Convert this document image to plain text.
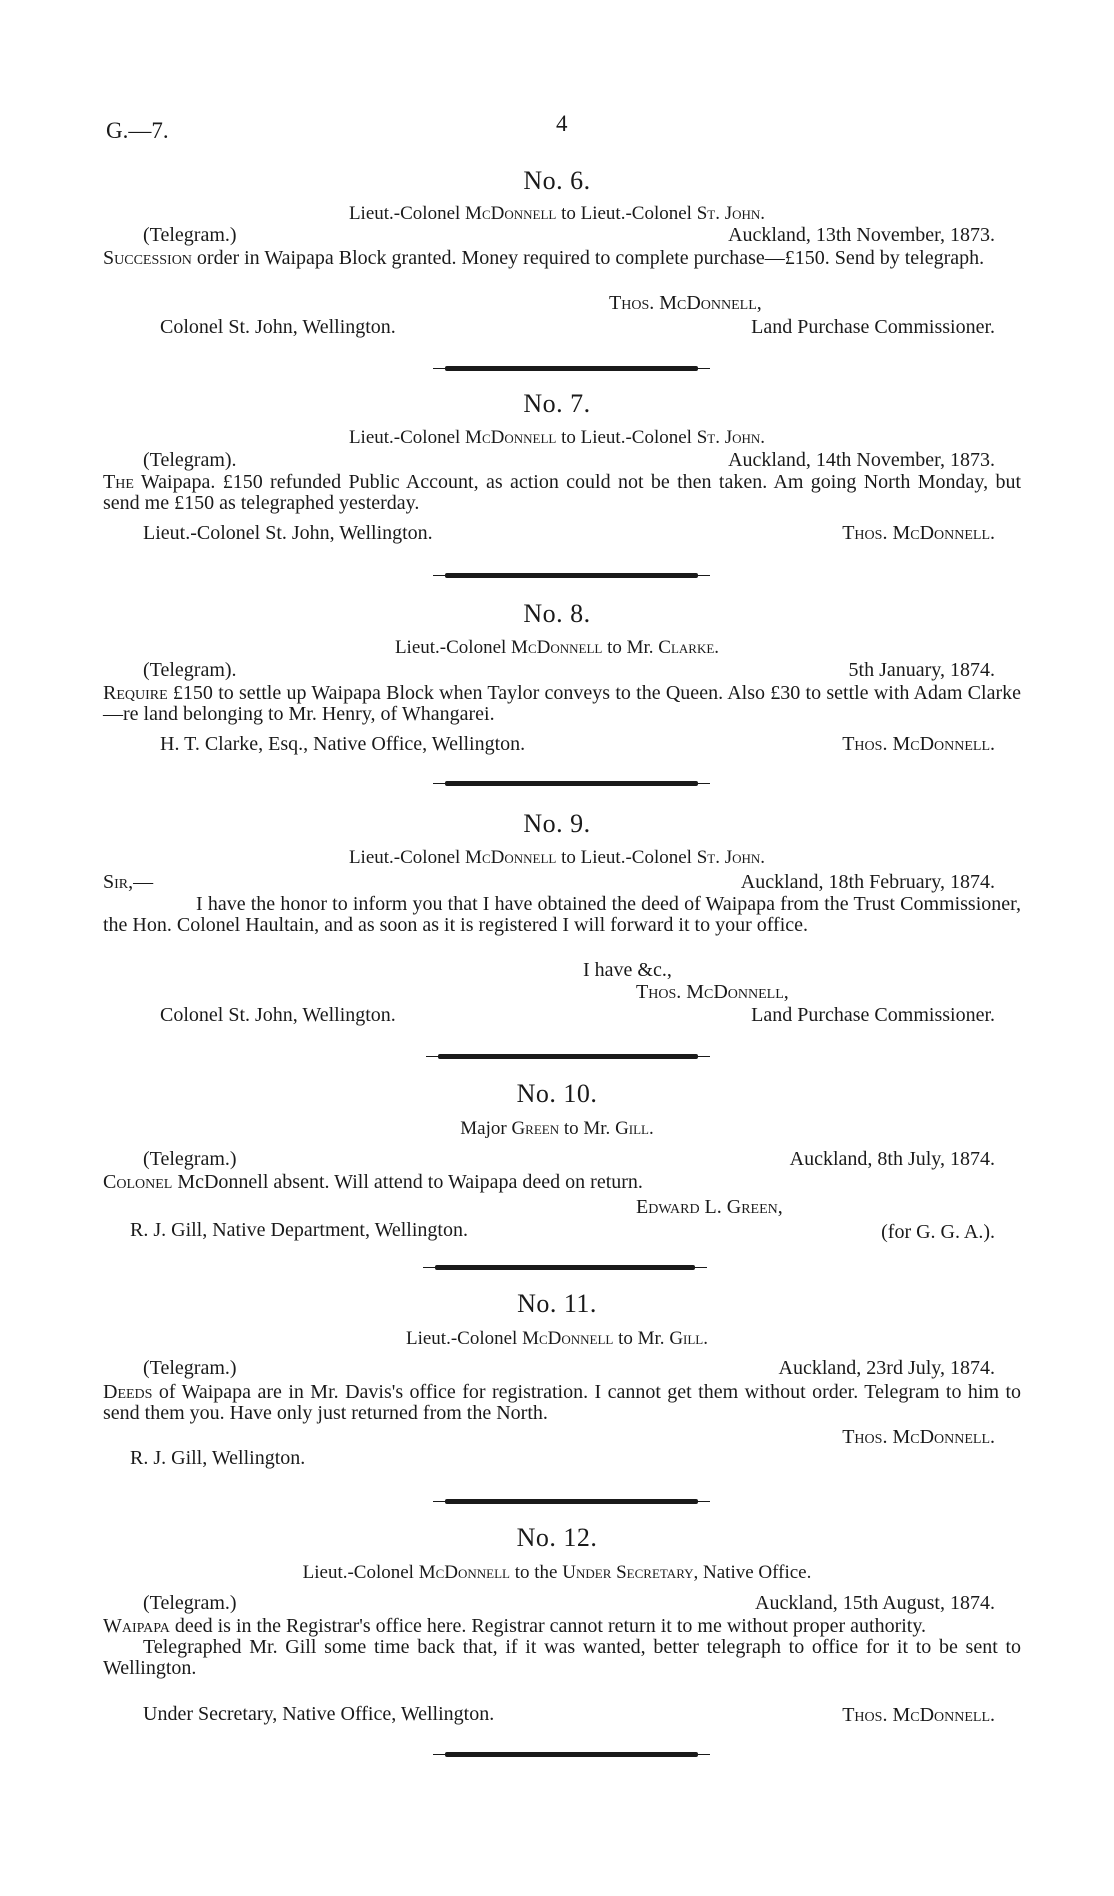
G.—7.	4
No. 6.
Lieut.-Colonel McDonnell to Lieut.-Colonel St. John.
(Telegram.)	Auckland, 13th November, 1873.

Succession order in Waipapa Block granted. Money required to complete purchase—£150. Send by telegraph.

Thos. McDonnell,
Colonel St. John, Wellington.	Land Purchase Commissioner.
No. 7.
Lieut.-Colonel McDonnell to Lieut.-Colonel St. John.
(Telegram).	Auckland, 14th November, 1873.

The Waipapa. £150 refunded Public Account, as action could not be then taken. Am going North Monday, but send me £150 as telegraphed yesterday.

Lieut.-Colonel St. John, Wellington.	Thos. McDonnell.
No. 8.
Lieut.-Colonel McDonnell to Mr. Clarke.
(Telegram).	5th January, 1874.

Require £150 to settle up Waipapa Block when Taylor conveys to the Queen. Also £30 to settle with Adam Clarke—re land belonging to Mr. Henry, of Whangarei.

H. T. Clarke, Esq., Native Office, Wellington.	Thos. McDonnell.
No. 9.
Lieut.-Colonel McDonnell to Lieut.-Colonel St. John.
Sir,—	Auckland, 18th February, 1874.
I have the honor to inform you that I have obtained the deed of Waipapa from the Trust Commissioner, the Hon. Colonel Haultain, and as soon as it is registered I will forward it to your office.
I have &c.,
Thos. McDonnell,
Colonel St. John, Wellington.	Land Purchase Commissioner.
No. 10.
Major Green to Mr. Gill.
(Telegram.)	Auckland, 8th July, 1874.

Colonel McDonnell absent. Will attend to Waipapa deed on return.

Edward L. Green,
R. J. Gill, Native Department, Wellington.	(for G. G. A.).
No. 11.
Lieut.-Colonel McDonnell to Mr. Gill.
(Telegram.)	Auckland, 23rd July, 1874.

Deeds of Waipapa are in Mr. Davis's office for registration. I cannot get them without order. Telegram to him to send them you. Have only just returned from the North.

Thos. McDonnell.
R. J. Gill, Wellington.
No. 12.
Lieut.-Colonel McDonnell to the Under Secretary, Native Office.
(Telegram.)	Auckland, 15th August, 1874.

Waipapa deed is in the Registrar's office here. Registrar cannot return it to me without proper authority.

Telegraphed Mr. Gill some time back that, if it was wanted, better telegraph to office for it to be sent to Wellington.

Under Secretary, Native Office, Wellington.	Thos. McDonnell.
